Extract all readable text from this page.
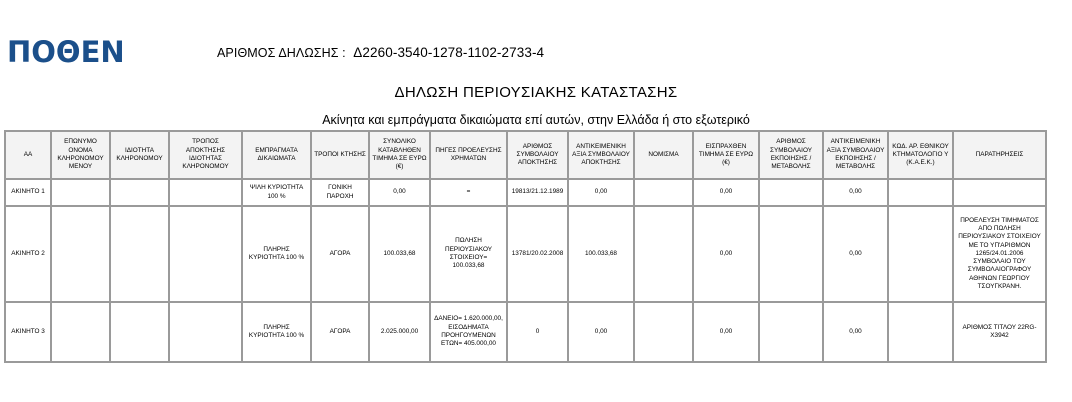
ΠΟΘΕΝ	ΑΡΙΘΜΟΣ ΔΗΛΩΣΗΣ : Δ2260-3540-1278-1102-2733-4
ΔΗΛΩΣΗ ΠΕΡΙΟΥΣΙΑΚΗΣ ΚΑΤΑΣΤΑΣΗΣ
Ακίνητα και εμπράγματα δικαιώματα επί αυτών, στην Ελλάδα ή στο εξωτερικό
ΑΑ	ΕΠΩΝΥΜΟ ΟΝΟΜΑ ΚΛΗΡΟΝΟΜΟΥ ΜΕΝΟΥ	ΙΔΙΟΤΗΤΑ ΚΛΗΡΟΝΟΜΟΥ	ΤΡΟΠΟΣ ΑΠΟΚΤΗΣΗΣ ΙΔΙΟΤΗΤΑΣ ΚΛΗΡΟΝΟΜΟΥ	ΕΜΠΡΑΓΜΑΤΑ ΔΙΚΑΙΩΜΑΤΑ	ΤΡΟΠΟΙ ΚΤΗΣΗΣ	ΣΥΝΟΛΙΚΟ ΚΑΤΑΒΛΗΘΕΝ ΤΙΜΗΜΑ ΣΕ ΕΥΡΩ (€)	ΠΗΓΕΣ ΠΡΟΕΛΕΥΣΗΣ ΧΡΗΜΑΤΩΝ	ΑΡΙΘΜΟΣ ΣΥΜΒΟΛΑΙΟΥ ΑΠΟΚΤΗΣΗΣ	ΑΝΤΙΚΕΙΜΕΝΙΚΗ ΑΞΙΑ ΣΥΜΒΟΛΑΙΟΥ ΑΠΟΚΤΗΣΗΣ	ΝΟΜΙΣΜΑ	ΕΙΣΠΡΑΧΘΕΝ ΤΙΜΗΜΑ ΣΕ ΕΥΡΩ (€)	ΑΡΙΘΜΟΣ ΣΥΜΒΟΛΑΙΟΥ ΕΚΠΟΙΗΣΗΣ /ΜΕΤΑΒΟΛΗΣ	ΑΝΤΙΚΕΙΜΕΝΙΚΗ ΑΞΙΑ ΣΥΜΒΟΛΑΙΟΥ ΕΚΠΟΙΗΣΗΣ / ΜΕΤΑΒΟΛΗΣ	ΚΩΔ. ΑΡ. ΕΘΝΙΚΟΥ ΚΤΗΜΑΤΟΛΟΓΙΟ Υ (Κ.Α.Ε.Κ.)	ΠΑΡΑΤΗΡΗΣΕΙΣ
ΑΚΙΝΗΤΟ 1				ΨΙΛΗ ΚΥΡΙΟΤΗΤΑ 100 %	ΓΟΝΙΚΗ ΠΑΡΟΧΗ	0,00	=	19813/21.12.1989	0,00		0,00		0,00		
ΑΚΙΝΗΤΟ 2				ΠΛΗΡΗΣ ΚΥΡΙΟΤΗΤΑ 100 %	ΑΓΟΡΑ	100.033,68	ΠΩΛΗΣΗ ΠΕΡΙΟΥΣΙΑΚΟΥ ΣΤΟΙΧΕΙΟΥ= 100.033,68	13781/20.02.2008	100.033,68		0,00		0,00		ΠΡΟΕΛΕΥΣΗ ΤΙΜΗΜΑΤΟΣ ΑΠΟ ΠΩΛΗΣΗ ΠΕΡΙΟΥΣΙΑΚΟΥ ΣΤΟΙΧΕΙΟΥ ΜΕ ΤΟ ΥΠ'ΑΡΙΘΜΟΝ 1265/24.01.2006 ΣΥΜΒΟΛΑΙΟ ΤΟΥ ΣΥΜΒΟΛΑΙΟΓΡΑΦΟΥ ΑΘΗΝΩΝ ΓΕΩΡΓΙΟΥ ΤΣΟΥΓΚΡΑΝΗ.
ΑΚΙΝΗΤΟ 3				ΠΛΗΡΗΣ ΚΥΡΙΟΤΗΤΑ 100 %	ΑΓΟΡΑ	2.025.000,00	ΔΑΝΕΙΟ= 1.620.000,00, ΕΙΣΟΔΗΜΑΤΑ ΠΡΟΗΓΟΥΜΕΝΩΝ ΕΤΩΝ= 405.000,00	0	0,00		0,00		0,00		ΑΡΙΘΜΟΣ ΤΙΤΛΟΥ 22RG-X3942
